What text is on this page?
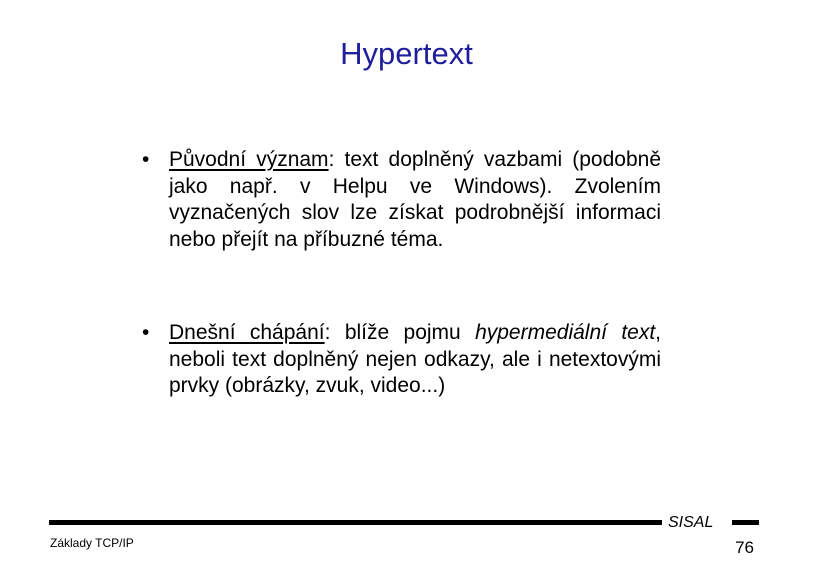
Hypertext
• Původní význam: text doplněný vazbami (podobně jako např. v Helpu ve Windows). Zvolením vyznačených slov lze získat podrobnější informaci nebo přejít na příbuzné téma.
• Dnešní chápání: blíže pojmu hypermediální text, neboli text doplněný nejen odkazy, ale i netextovými prvky (obrázky, zvuk, video...)
SISAL
Základy TCP/IP	76
